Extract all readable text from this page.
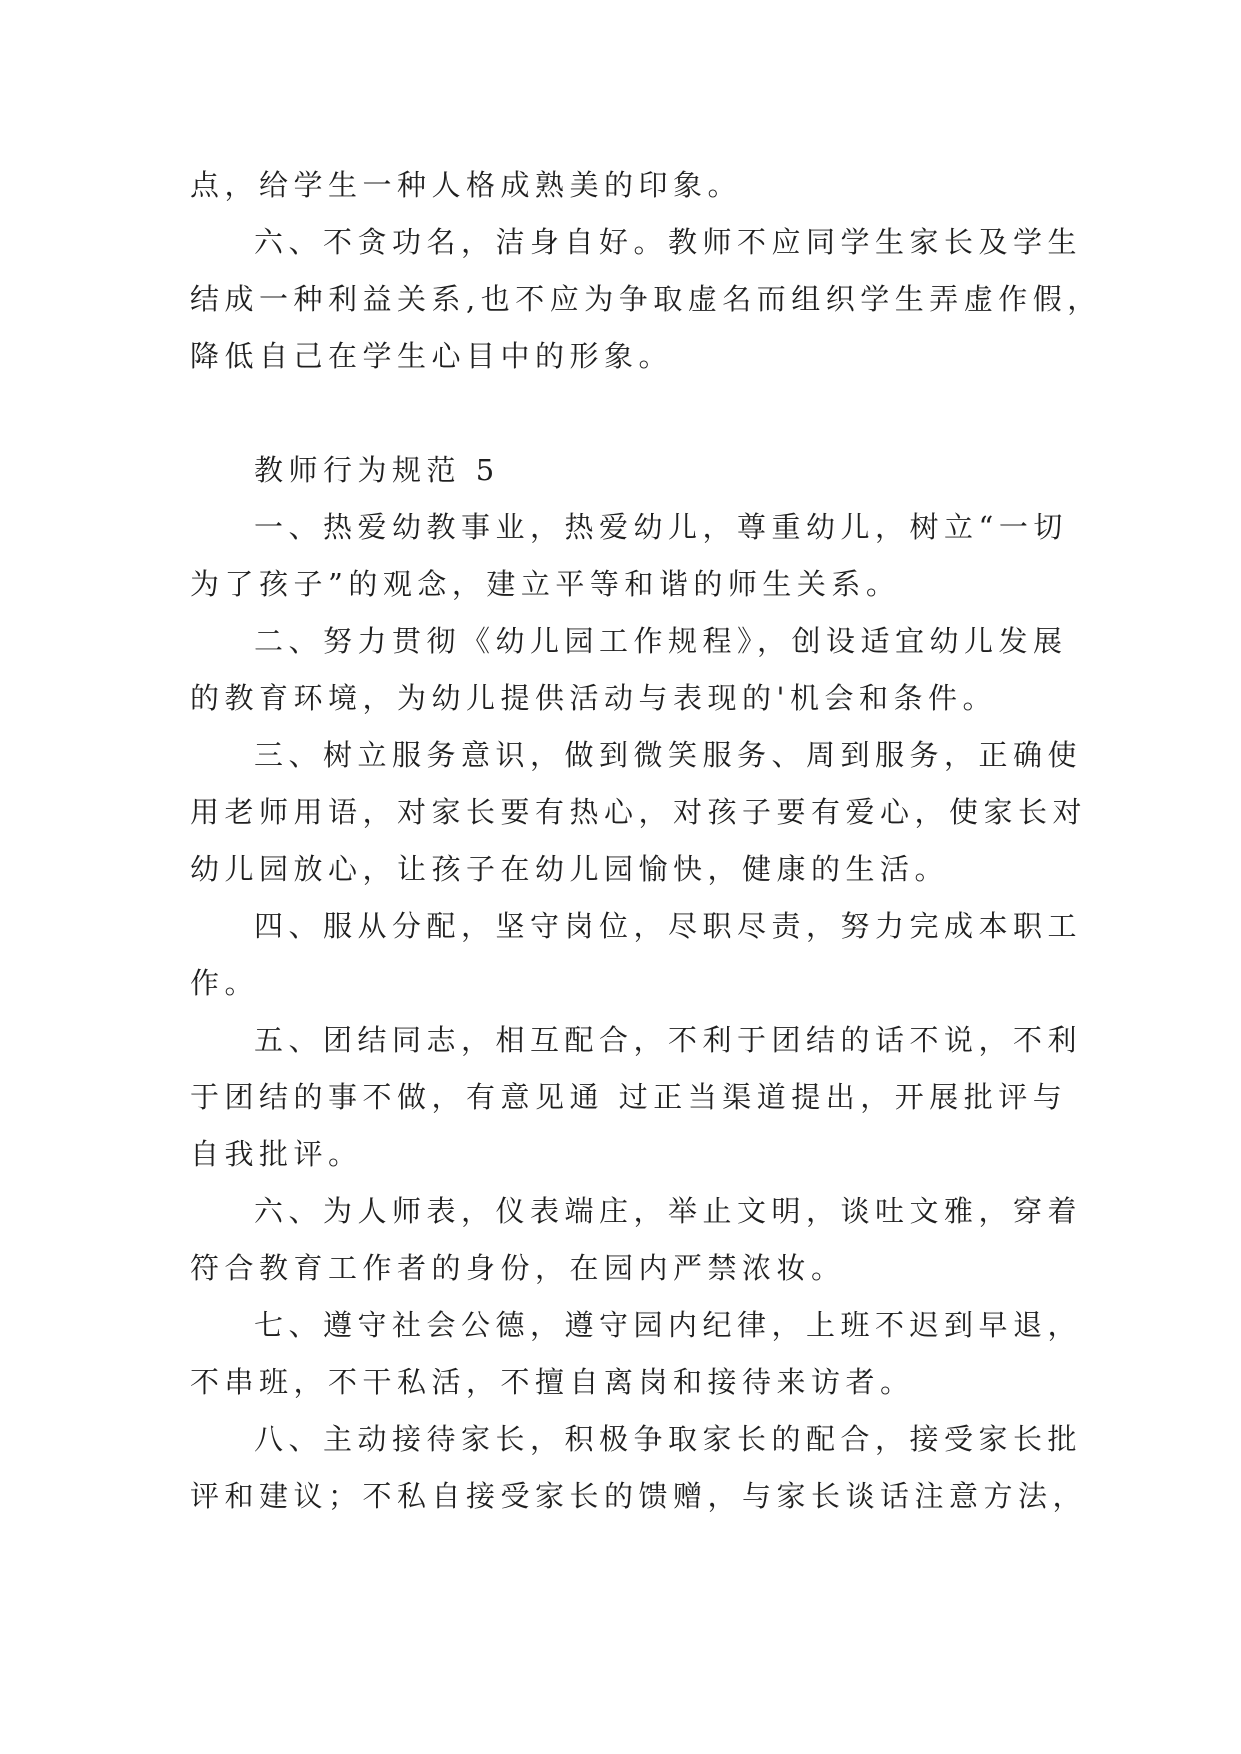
点，给学生一种人格成熟美的印象。
六、不贪功名，洁身自好。教师不应同学生家长及学生
结成一种利益关系,也不应为争取虚名而组织学生弄虚作假，
降低自己在学生心目中的形象。
教师行为规范 5
一、热爱幼教事业，热爱幼儿，尊重幼儿，树立“一切
为了孩子”的观念，建立平等和谐的师生关系。
二、努力贯彻《幼儿园工作规程》，创设适宜幼儿发展
的教育环境，为幼儿提供活动与表现的'机会和条件。
三、树立服务意识，做到微笑服务、周到服务，正确使
用老师用语，对家长要有热心，对孩子要有爱心，使家长对
幼儿园放心，让孩子在幼儿园愉快，健康的生活。
四、服从分配，坚守岗位，尽职尽责，努力完成本职工
作。
五、团结同志，相互配合，不利于团结的话不说，不利
于团结的事不做，有意见通 过正当渠道提出，开展批评与
自我批评。
六、为人师表，仪表端庄，举止文明，谈吐文雅，穿着
符合教育工作者的身份，在园内严禁浓妆。
七、遵守社会公德，遵守园内纪律，上班不迟到早退，
不串班，不干私活，不擅自离岗和接待来访者。
八、主动接待家长，积极争取家长的配合，接受家长批
评和建议；不私自接受家长的馈赠，与家长谈话注意方法，
